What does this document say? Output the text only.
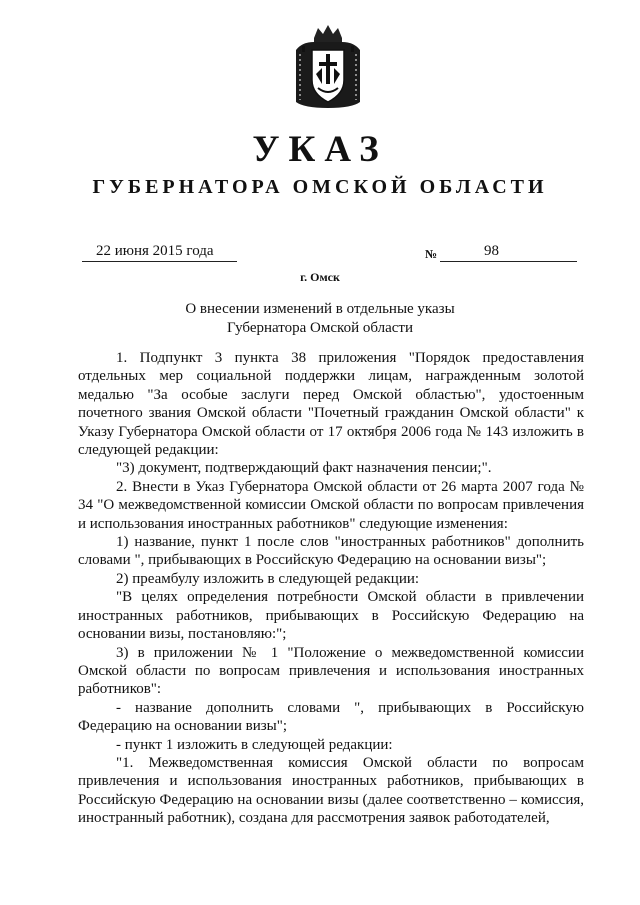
УКАЗ
ГУБЕРНАТОРА ОМСКОЙ ОБЛАСТИ
22 июня 2015 года	№	98
г. Омск
О внесении изменений в отдельные указы
Губернатора Омской области

1. Подпункт 3 пункта 38 приложения "Порядок предоставления отдельных мер социальной поддержки лицам, награжденным золотой медалью "За особые заслуги перед Омской областью", удостоенным почетного звания Омской области "Почетный гражданин Омской области" к Указу Губернатора Омской области от 17 октября 2006 года № 143 изложить в следующей редакции:

"3) документ, подтверждающий факт назначения пенсии;".

2. Внести в Указ Губернатора Омской области от 26 марта 2007 года № 34 "О межведомственной комиссии Омской области по вопросам привлечения и использования иностранных работников" следующие изменения:

1) название, пункт 1 после слов "иностранных работников" дополнить словами ", прибывающих в Российскую Федерацию на основании визы";

2) преамбулу изложить в следующей редакции:

"В целях определения потребности Омской области в привлечении иностранных работников, прибывающих в Российскую Федерацию на основании визы, постановляю:";

3) в приложении № 1 "Положение о межведомственной комиссии Омской области по вопросам привлечения и использования иностранных работников":

- название дополнить словами ", прибывающих в Российскую Федерацию на основании визы";

- пункт 1 изложить в следующей редакции:

"1. Межведомственная комиссия Омской области по вопросам привлечения и использования иностранных работников, прибывающих в Российскую Федерацию на основании визы (далее соответственно – комиссия, иностранный работник), создана для рассмотрения заявок работодателей,
